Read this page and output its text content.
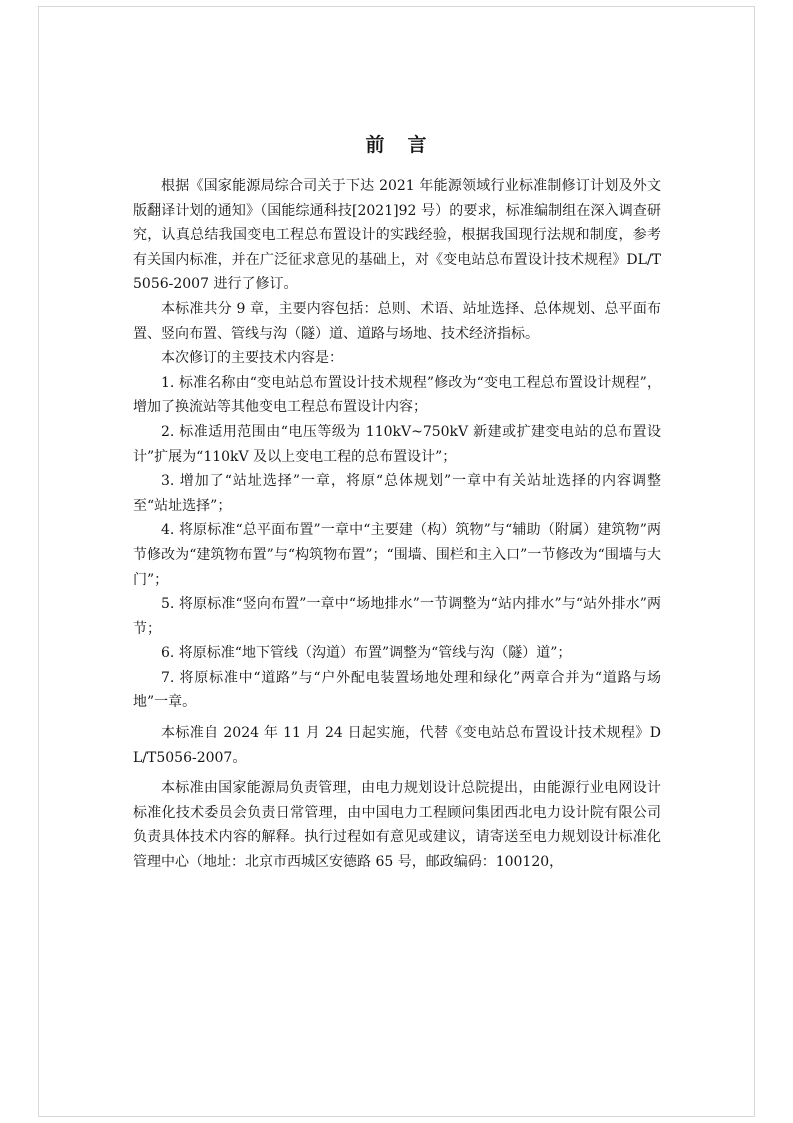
前　言

根据《国家能源局综合司关于下达 2021 年能源领域行业标准制修订计划及外文版翻译计划的通知》（国能综通科技[2021]92 号）的要求，标准编制组在深入调查研究，认真总结我国变电工程总布置设计的实践经验，根据我国现行法规和制度，参考有关国内标准，并在广泛征求意见的基础上，对《变电站总布置设计技术规程》DL/T 5056-2007 进行了修订。

本标准共分 9 章，主要内容包括：总则、术语、站址选择、总体规划、总平面布置、竖向布置、管线与沟（隧）道、道路与场地、技术经济指标。

本次修订的主要技术内容是：

1. 标准名称由“变电站总布置设计技术规程”修改为“变电工程总布置设计规程”，增加了换流站等其他变电工程总布置设计内容；

2. 标准适用范围由“电压等级为 110kV~750kV 新建或扩建变电站的总布置设计”扩展为“110kV 及以上变电工程的总布置设计”；

3. 增加了“站址选择”一章，将原“总体规划”一章中有关站址选择的内容调整至“站址选择”；

4. 将原标准“总平面布置”一章中“主要建（构）筑物”与“辅助（附属）建筑物”两节修改为“建筑物布置”与“构筑物布置”；“围墙、围栏和主入口”一节修改为“围墙与大门”；

5. 将原标准“竖向布置”一章中“场地排水”一节调整为“站内排水”与“站外排水”两节；

6. 将原标准“地下管线（沟道）布置”调整为“管线与沟（隧）道”；

7. 将原标准中“道路”与“户外配电装置场地处理和绿化”两章合并为“道路与场地”一章。

本标准自 2024 年 11 月 24 日起实施，代替《变电站总布置设计技术规程》DL/T5056-2007。

本标准由国家能源局负责管理，由电力规划设计总院提出，由能源行业电网设计标准化技术委员会负责日常管理，由中国电力工程顾问集团西北电力设计院有限公司负责具体技术内容的解释。执行过程如有意见或建议，请寄送至电力规划设计标准化管理中心（地址：北京市西城区安德路 65 号，邮政编码：100120，
